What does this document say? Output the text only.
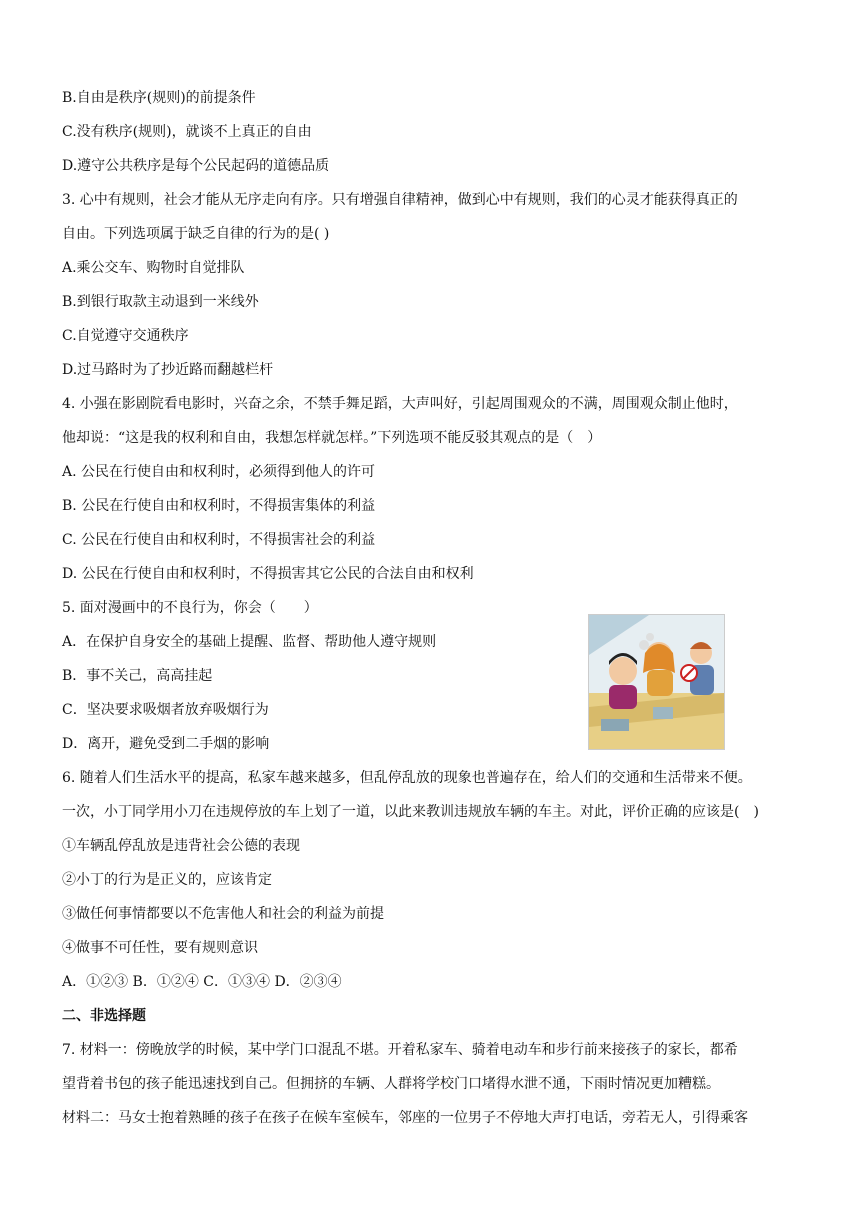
B.自由是秩序(规则)的前提条件
C.没有秩序(规则)，就谈不上真正的自由
D.遵守公共秩序是每个公民起码的道德品质
3. 心中有规则，社会才能从无序走向有序。只有增强自律精神，做到心中有规则，我们的心灵才能获得真正的
自由。下列选项属于缺乏自律的行为的是( )
A.乘公交车、购物时自觉排队
B.到银行取款主动退到一米线外
C.自觉遵守交通秩序
D.过马路时为了抄近路而翻越栏杆
4. 小强在影剧院看电影时，兴奋之余，不禁手舞足蹈，大声叫好，引起周围观众的不满，周围观众制止他时，
他却说：“这是我的权利和自由，我想怎样就怎样。”下列选项不能反驳其观点的是（　）
A. 公民在行使自由和权利时，必须得到他人的许可
B. 公民在行使自由和权利时，不得损害集体的利益
C. 公民在行使自由和权利时，不得损害社会的利益
D. 公民在行使自由和权利时，不得损害其它公民的合法自由和权利
5. 面对漫画中的不良行为，你会（　　）
A．在保护自身安全的基础上提醒、监督、帮助他人遵守规则
B．事不关己，高高挂起
C．坚决要求吸烟者放弃吸烟行为
D．离开，避免受到二手烟的影响
6. 随着人们生活水平的提高，私家车越来越多，但乱停乱放的现象也普遍存在，给人们的交通和生活带来不便。
一次，小丁同学用小刀在违规停放的车上划了一道，以此来教训违规放车辆的车主。对此，评价正确的应该是(　)
①车辆乱停乱放是违背社会公德的表现
②小丁的行为是正义的，应该肯定
③做任何事情都要以不危害他人和社会的利益为前提
④做事不可任性，要有规则意识
A．①②③ B．①②④ C．①③④ D．②③④
二、非选择题
7. 材料一：傍晚放学的时候，某中学门口混乱不堪。开着私家车、骑着电动车和步行前来接孩子的家长，都希
望背着书包的孩子能迅速找到自己。但拥挤的车辆、人群将学校门口堵得水泄不通，下雨时情况更加糟糕。
材料二：马女士抱着熟睡的孩子在孩子在候车室候车，邻座的一位男子不停地大声打电话，旁若无人，引得乘客
